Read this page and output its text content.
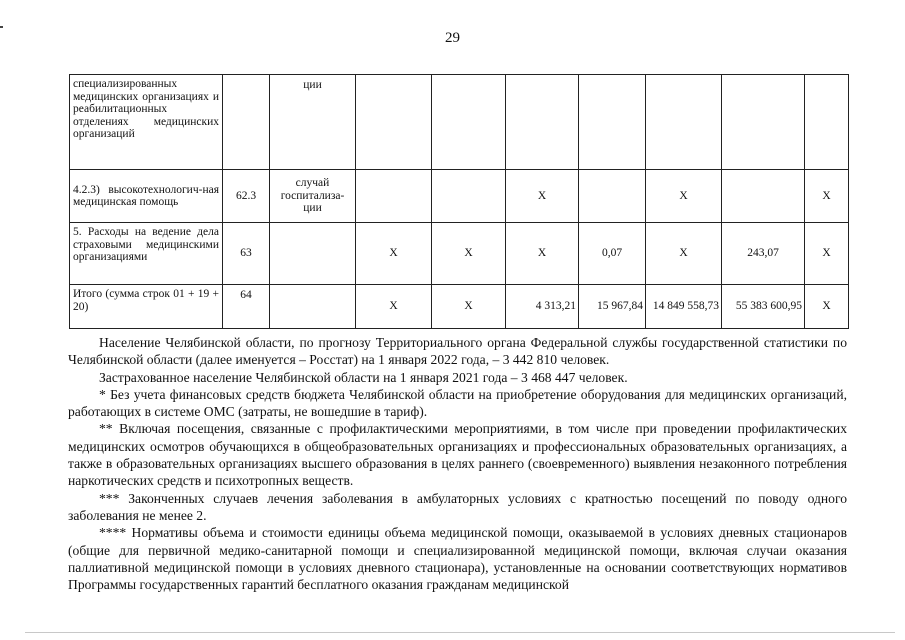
29
специализированных медицинских организациях и реабилитационных отделениях медицинских организаций		ции							
4.2.3) высокотехнологич-ная медицинская помощь	62.3	случай госпитализа-ции			X		X		X
5. Расходы на ведение дела страховыми медицинскими организациями	63		X	X	X	0,07	X	243,07	X
Итого (сумма строк 01 + 19 + 20)	64		X	X	4 313,21	15 967,84	14 849 558,73	55 383 600,95	X

Население Челябинской области, по прогнозу Территориального органа Федеральной службы государственной статистики по Челябинской области (далее именуется – Росстат) на 1 января 2022 года, – 3 442 810 человек.

Застрахованное население Челябинской области на 1 января 2021 года – 3 468 447 человек.

* Без учета финансовых средств бюджета Челябинской области на приобретение оборудования для медицинских организаций, работающих в системе ОМС (затраты, не вошедшие в тариф).

** Включая посещения, связанные с профилактическими мероприятиями, в том числе при проведении профилактических медицинских осмотров обучающихся в общеобразовательных организациях и профессиональных образовательных организациях, а также в образовательных организациях высшего образования в целях раннего (своевременного) выявления незаконного потребления наркотических средств и психотропных веществ.

*** Законченных случаев лечения заболевания в амбулаторных условиях с кратностью посещений по поводу одного заболевания не менее 2.

**** Нормативы объема и стоимости единицы объема медицинской помощи, оказываемой в условиях дневных стационаров (общие для первичной медико-санитарной помощи и специализированной медицинской помощи, включая случаи оказания паллиативной медицинской помощи в условиях дневного стационара), установленные на основании соответствующих нормативов Программы государственных гарантий бесплатного оказания гражданам медицинской
